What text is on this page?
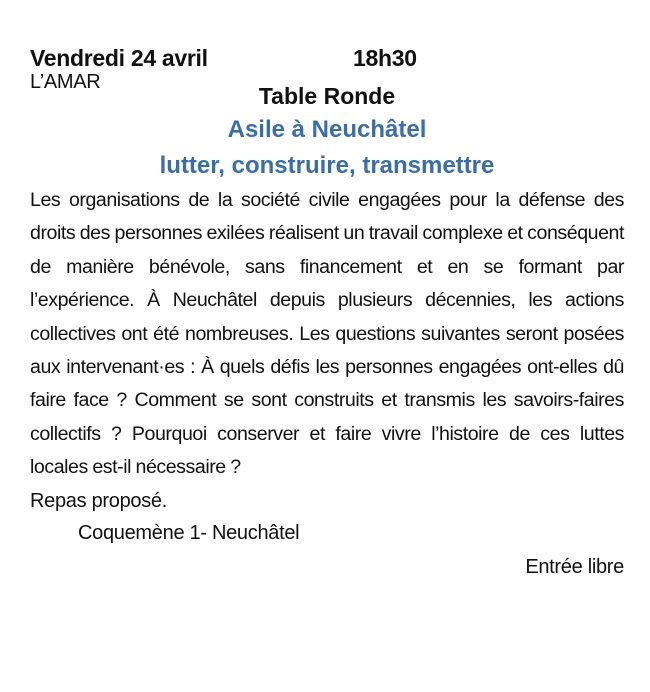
Vendredi 24 avril	18h30
L’AMAR
Table Ronde
Asile à Neuchâtel
lutter, construire, transmettre
Les organisations de la société civile engagées pour la défense des droits des personnes exilées réalisent un travail complexe et conséquent de manière bénévole, sans financement et en se formant par l’expérience. À Neuchâtel depuis plusieurs décennies, les actions collectives ont été nombreuses. Les questions suivantes seront posées aux intervenant·es : À quels défis les personnes engagées ont-elles dû faire face ? Comment se sont construits et transmis les savoirs-faires collectifs ? Pourquoi conserver et faire vivre l’histoire de ces luttes locales est-il nécessaire ?
Repas proposé.
Coquemène 1- Neuchâtel
Entrée libre
